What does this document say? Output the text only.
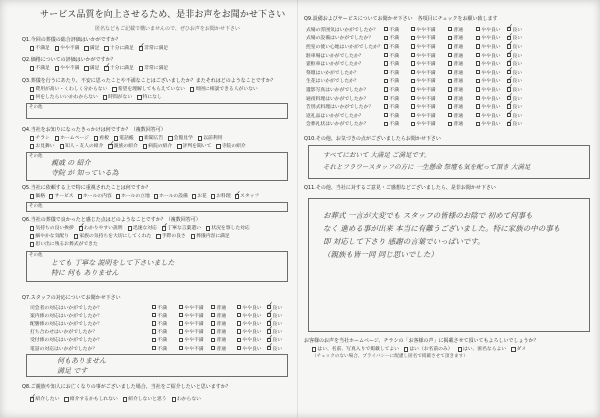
サービス品質を向上させるため、是非お声をお聞かせ下さい
匿名などもご記載で構いませんので、ぜひお声をお聞かせ下さい
Q1.今回の葬儀の総合評価はいかがですか？
不満足 やや不満 満足 十分に満足 ✓ 非常に満足
Q2.価格についての評価はいかがですか？
不満足 やや不満 満足 ✓ 十分に満足 非常に満足
Q3.葬儀を行うにあたり、不安に思ったことや不満なことはございましたか？またそれはどのようなことですか？
費用が高い・くわしく分からない 希望を理解してもらえていない 周囲に相談できる人がいない
何をしたらいいかわからない 時間がない 特になし
その他
Q4.当社をお知りになったきっかけは何ですか？（複数回答可）
チラシ ホームページ 看板 電話帳 新聞広告 会館見学 以前利用
お見舞い 知人・友人の紹介 ✓ 親族の紹介 病院の紹介 評判を聞いて 寺院の紹介
その他
親戚 の 紹介
寺院 が 知っている為
Q5.当社に依頼する上で特に重視されたことは何ですか？
価格 サービス ホールの内容 ホールの立地 ホールの設備 お花 お料理 ✓ スタッフ
その他
Q6.当社の葬儀で良かったと感じた点はどのようなことですか？（複数回答可）
気持ちの良い挨拶 ✓ わかりやすい説明 迅速な対応 ✓ 丁寧な言葉遣い 状況を察した対応
細やかな気配り 家族の気持ちを大切にしてくれた 手際の良さ 葬儀内容に満足
思い出に残るお葬式ができた
その他
とても 丁寧な 説明をして下さいました
特に 何も ありません
Q7.スタッフの対応についてお聞かせ下さい
司会者の対応はいかがでしたか？	不満	やや不満	普通	やや良い ✓ 良い
案内係の対応はいかがでしたか？	不満	やや不満	普通	やや良い ✓ 良い
配膳係の対応はいかがでしたか？	不満	やや不満	普通	やや良い ✓ 良い
打ち合わせはいかがでしたか？	不満	やや不満	普通	やや良い ✓ 良い
受付係の対応はいかがでしたか？	不満	やや不満	普通	やや良い ✓ 良い
電話の対応はいかがでしたか？	不満	やや不満	普通	やや良い ✓ 良い
何もありません
満足 です
Q8.ご親族や知人にお亡くなりの事がございました場合、当社をご紹介したいと思いますか？
✓
紹介したい 紹介するかもしれない 紹介しないと思う わからない
Q9.設備およびサービスについてお聞かせ下さい　各項目にチェックをお願い致します
式場の雰囲気はいかがでしたか？	不満	やや不満	普通	やや良い ✓ 良い
式場の設備はいかがでしたか？	不満	やや不満	普通	やや良い ✓ 良い
控室の使い心地はいかがでしたか？ 不満	やや不満	普通	やや良い ✓ 良い
駐車場はいかがでしたか？	不満	やや不満	普通	やや良い ✓ 良い
霊柩車はいかがでしたか？	不満	やや不満	普通	やや良い ✓ 良い
祭壇はいかがでしたか？	不満	やや不満	普通	やや良い ✓ 良い
生花はいかがでしたか？	不満	やや不満	普通	やや良い ✓ 良い
遺影写真はいかがでしたか？	不満	やや不満	普通	やや良い ✓ 良い
通夜料理はいかがでしたか？	不満	やや不満	普通	やや良い ✓ 良い
告別式料理はいかがでしたか？	不満	やや不満	普通	やや良い ✓ 良い
返礼品はいかがでしたか？	不満	やや不満	普通	やや良い ✓ 良い
会葬礼状はいかがでしたか？	不満	やや不満	普通	やや良い ✓ 良い
Q10.その他、お気づきの点がございましたらお聞かせ下さい
すべてにおいて 大満足 ご満足です。
それとフラワースタッフの方に 一生懸命 祭壇も気を配って頂き 大満足
Q11.その他、当社に対するご意見・ご感想などございましたら、是非お聞かせ下さい
お葬式 一言が大変でも スタッフの皆様のお陰で 初めて何事も
なく 進める事が出来 本当に有難うございました。特に家族の中の事も
即 対応して下さり 感謝の言葉でいっぱいです。
（親族も皆一同 同じ思いでした）
お客様のお声を当社ホームページ、チラシの「お客様の声」に掲載させて頂いてもよろしいでしょうか？
はい、名前、写真入りで掲載してよい はい（お名前のみ） はい、匿名ならよい ダメ
（チェックのない場合、プライバシーに配慮し匿名で掲載させて頂きます）
